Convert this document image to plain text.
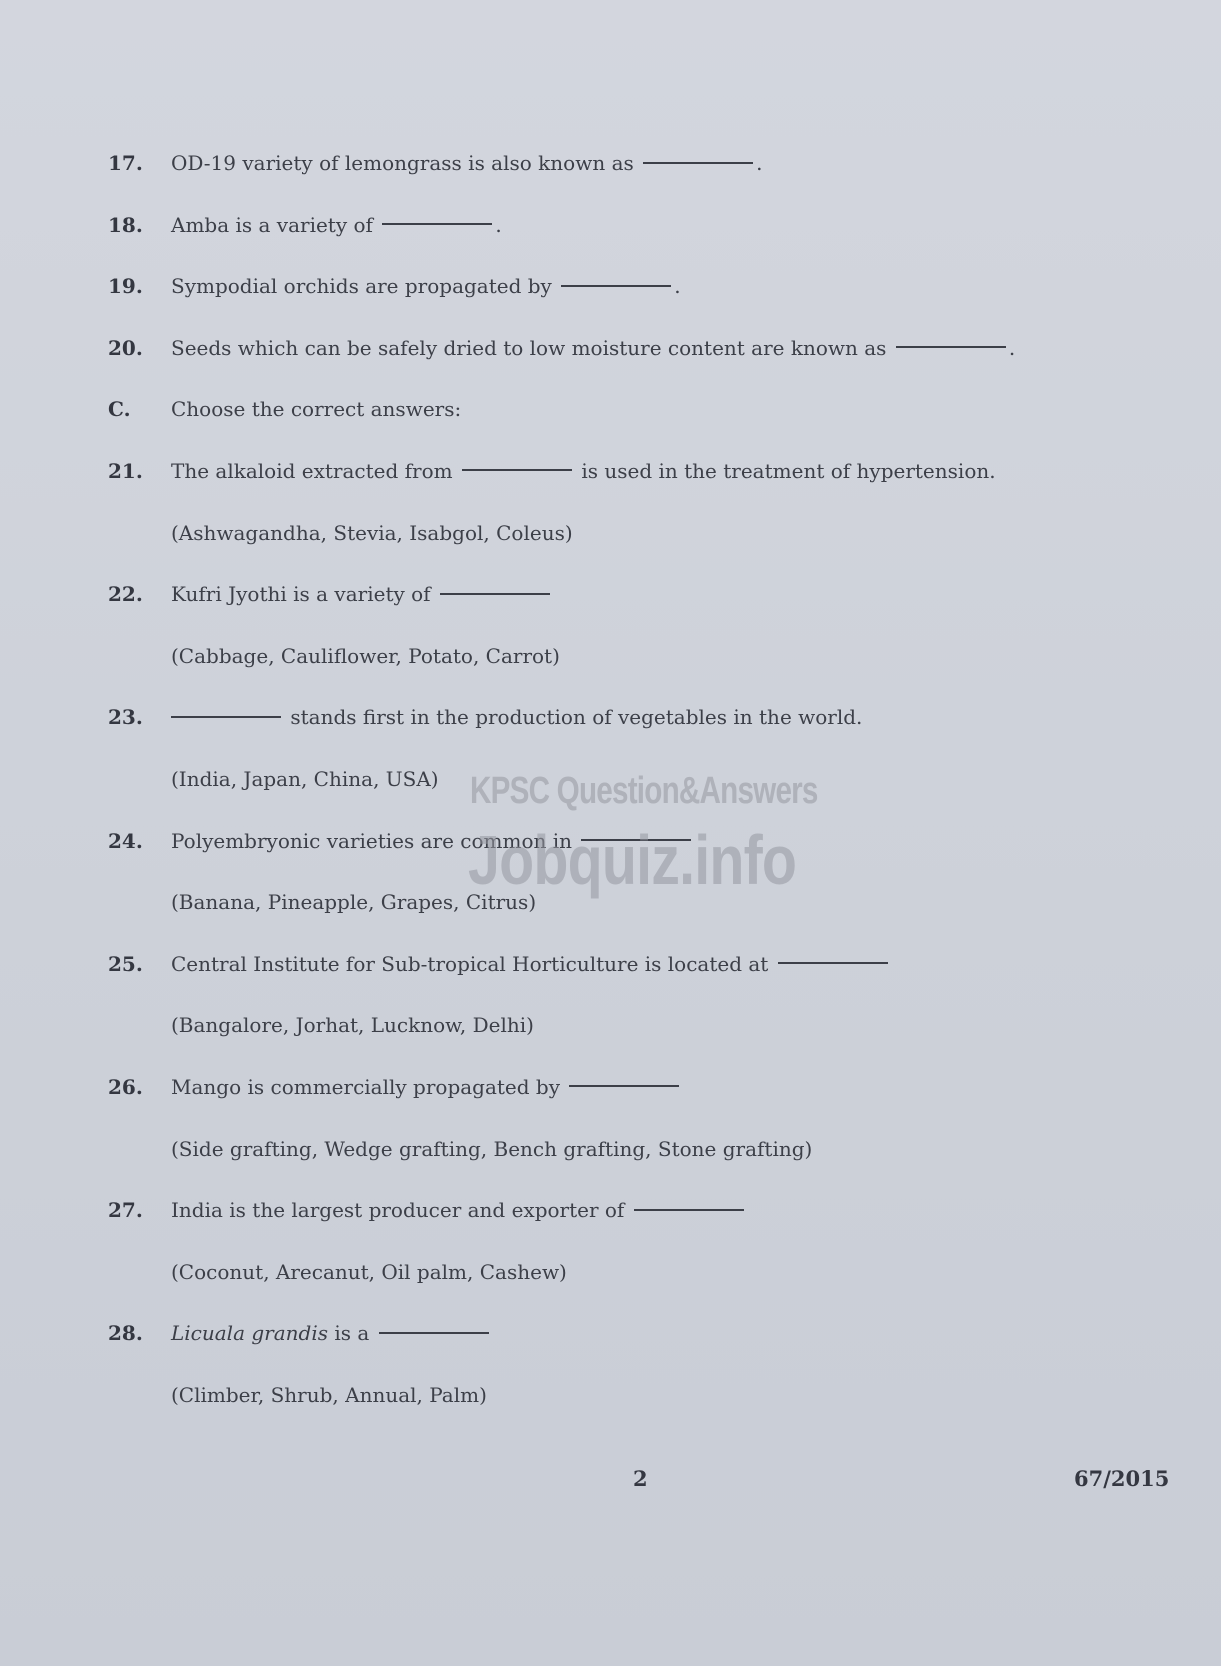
17.	OD-19 variety of lemongrass is also known as	.
18.	Amba is a variety of	.
19.	Sympodial orchids are propagated by	.
20.	Seeds which can be safely dried to low moisture content are known as	.
C.	Choose the correct answers:
21.	The alkaloid extracted from	is used in the treatment of hypertension.
(Ashwagandha, Stevia, Isabgol, Coleus)
22.	Kufri Jyothi is a variety of
(Cabbage, Cauliflower, Potato, Carrot)
23.	stands first in the production of vegetables in the world.
(India, Japan, China, USA)
24.	Polyembryonic varieties are common in
(Banana, Pineapple, Grapes, Citrus)
25.	Central Institute for Sub-tropical Horticulture is located at
(Bangalore, Jorhat, Lucknow, Delhi)
26.	Mango is commercially propagated by
(Side grafting, Wedge grafting, Bench grafting, Stone grafting)
27.	India is the largest producer and exporter of
(Coconut, Arecanut, Oil palm, Cashew)
28.	Licuala grandis is a
(Climber, Shrub, Annual, Palm)
KPSC Question&Answers
Jobquiz.info
2	67/2015
